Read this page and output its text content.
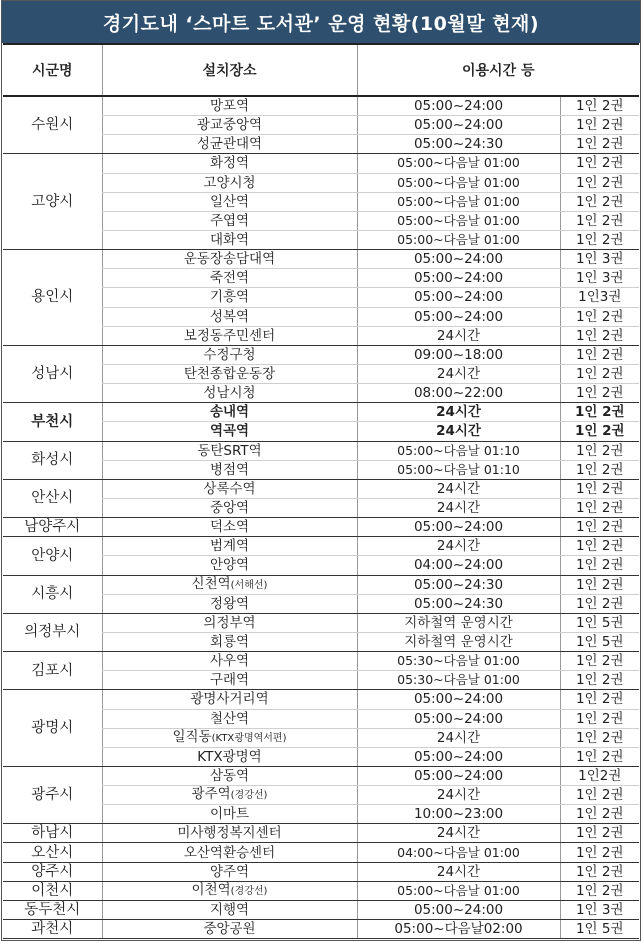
경기도내 ‘스마트 도서관’ 운영 현황(10월말 현재)
시군명	설치장소	이용시간 등	
수원시	망포역	05:00~24:00	1인 2권
	광교중앙역	05:00~24:00	1인 2권
	성균관대역	05:00~24:30	1인 2권
고양시	화정역	05:00~다음날 01:00	1인 2권
	고양시청	05:00~다음날 01:00	1인 2권
	일산역	05:00~다음날 01:00	1인 2권
	주엽역	05:00~다음날 01:00	1인 2권
	대화역	05:00~다음날 01:00	1인 2권
용인시	운동장송담대역	05:00~24:00	1인 3권
	죽전역	05:00~24:00	1인 3권
	기흥역	05:00~24:00	1인3권
	성복역	05:00~24:00	1인 2권
	보정동주민센터	24시간	1인 2권
성남시	수정구청	09:00~18:00	1인 2권
	탄천종합운동장	24시간	1인 2권
	성남시청	08:00~22:00	1인 2권
부천시	송내역	24시간	1인 2권
	역곡역	24시간	1인 2권
화성시	동탄SRT역	05:00~다음날 01:10	1인 2권
	병점역	05:00~다음날 01:10	1인 2권
안산시	상록수역	24시간	1인 2권
	중앙역	24시간	1인 2권
남양주시	덕소역	05:00~24:00	1인 2권
안양시	범계역	24시간	1인 2권
	안양역	04:00~24:00	1인 2권
시흥시	신천역(서해선)	05:00~24:30	1인 2권
	정왕역	05:00~24:30	1인 2권
의정부시	의정부역	지하철역 운영시간	1인 5권
	회룡역	지하철역 운영시간	1인 5권
김포시	사우역	05:30~다음날 01:00	1인 2권
	구래역	05:30~다음날 01:00	1인 2권
광명시	광명사거리역	05:00~24:00	1인 2권
	철산역	05:00~24:00	1인 2권
	일직동(KTX광명역서편)	24시간	1인 2권
	KTX광명역	05:00~24:00	1인 2권
광주시	삼동역	05:00~24:00	1인2권
	광주역(경강선)	24시간	1인 2권
	이마트	10:00~23:00	1인 2권
하남시	미사행정복지센터	24시간	1인 2권
오산시	오산역환승센터	04:00~다음날 01:00	1인 2권
양주시	양주역	24시간	1인 2권
이천시	이천역(경강선)	05:00~다음날 01:00	1인 2권
동두천시	지행역	05:00~24:00	1인 3권
과천시	중앙공원	05:00~다음날02:00	1인 5권
